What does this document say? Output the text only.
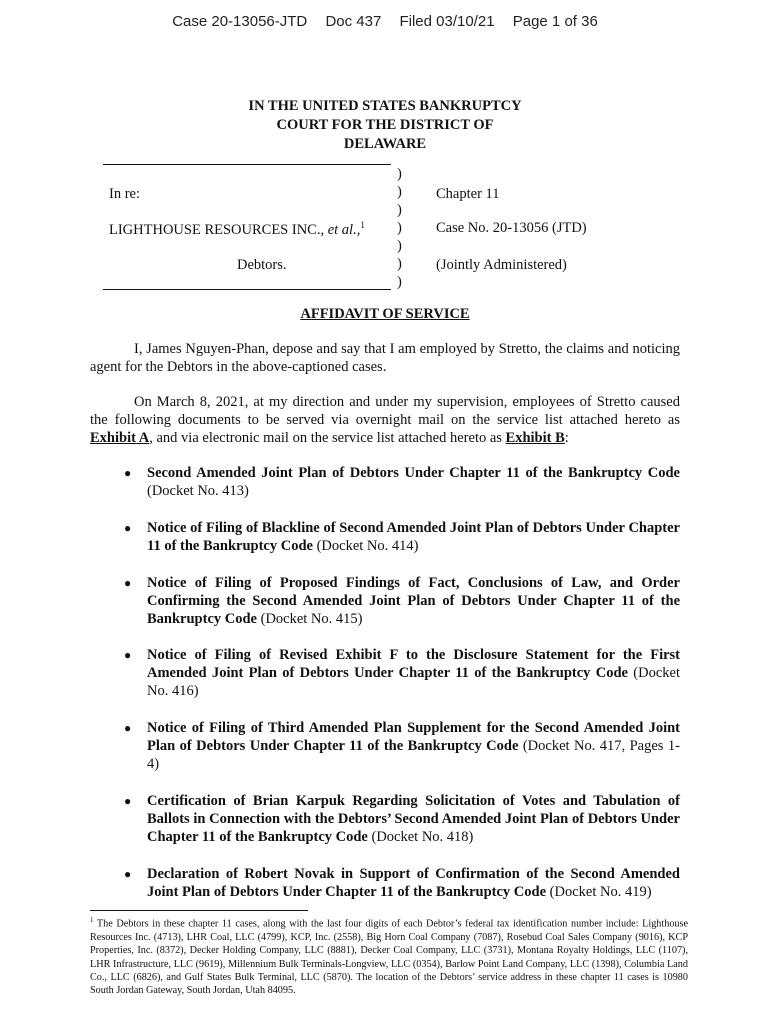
Case 20-13056-JTD Doc 437 Filed 03/10/21 Page 1 of 36
IN THE UNITED STATES BANKRUPTCY
COURT FOR THE DISTRICT OF
DELAWARE
)
)
)
)
)
)
)
In re:
LIGHTHOUSE RESOURCES INC., et al.,$^1$
Debtors.
Chapter 11
Case No. 20-13056 (JTD)
(Jointly Administered)
AFFIDAVIT OF SERVICE
I, James Nguyen-Phan, depose and say that I am employed by Stretto, the claims and noticing agent for the Debtors in the above-captioned cases.
On March 8, 2021, at my direction and under my supervision, employees of Stretto caused the following documents to be served via overnight mail on the service list attached hereto as Exhibit A, and via electronic mail on the service list attached hereto as Exhibit B:
● Second Amended Joint Plan of Debtors Under Chapter 11 of the Bankruptcy Code (Docket No. 413)
● Notice of Filing of Blackline of Second Amended Joint Plan of Debtors Under Chapter 11 of the Bankruptcy Code (Docket No. 414)
● Notice of Filing of Proposed Findings of Fact, Conclusions of Law, and Order Confirming the Second Amended Joint Plan of Debtors Under Chapter 11 of the Bankruptcy Code (Docket No. 415)
● Notice of Filing of Revised Exhibit F to the Disclosure Statement for the First Amended Joint Plan of Debtors Under Chapter 11 of the Bankruptcy Code (Docket No. 416)
● Notice of Filing of Third Amended Plan Supplement for the Second Amended Joint Plan of Debtors Under Chapter 11 of the Bankruptcy Code (Docket No. 417, Pages 1-4)
● Certification of Brian Karpuk Regarding Solicitation of Votes and Tabulation of Ballots in Connection with the Debtors’ Second Amended Joint Plan of Debtors Under Chapter 11 of the Bankruptcy Code (Docket No. 418)
● Declaration of Robert Novak in Support of Confirmation of the Second Amended Joint Plan of Debtors Under Chapter 11 of the Bankruptcy Code (Docket No. 419)
$^1$ The Debtors in these chapter 11 cases, along with the last four digits of each Debtor’s federal tax identification number include: Lighthouse Resources Inc. (4713), LHR Coal, LLC (4799), KCP, Inc. (2558), Big Horn Coal Company (7087), Rosebud Coal Sales Company (9016), KCP Properties, Inc. (8372), Decker Holding Company, LLC (8881), Decker Coal Company, LLC (3731), Montana Royalty Holdings, LLC (1107), LHR Infrastructure, LLC (9619), Millennium Bulk Terminals-Longview, LLC (0354), Barlow Point Land Company, LLC (1398), Columbia Land Co., LLC (6826), and Gulf States Bulk Terminal, LLC (5870). The location of the Debtors’ service address in these chapter 11 cases is 10980 South Jordan Gateway, South Jordan, Utah 84095.
